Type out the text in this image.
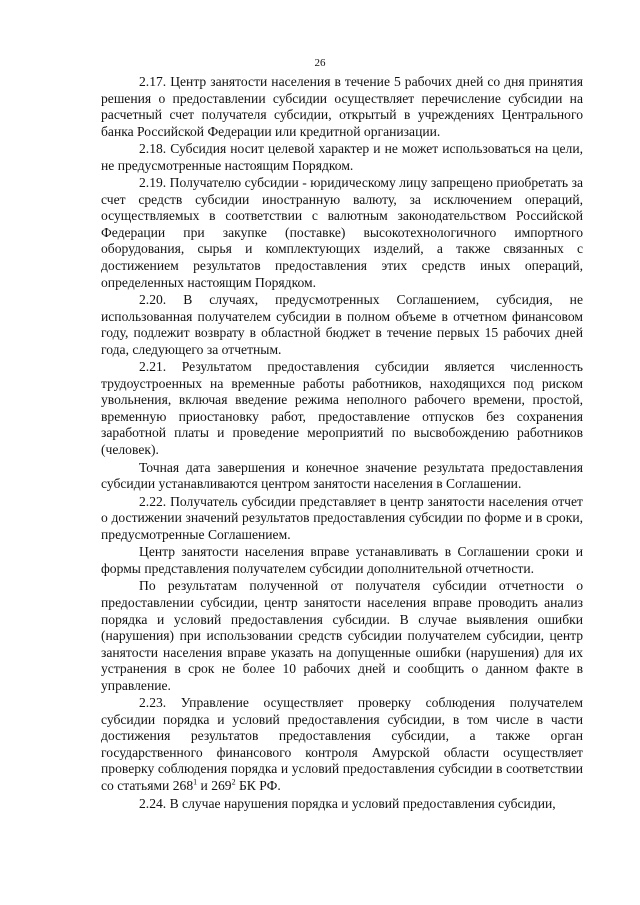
26

2.17. Центр занятости населения в течение 5 рабочих дней со дня принятия решения о предоставлении субсидии осуществляет перечисление субсидии на расчетный счет получателя субсидии, открытый в учреждениях Центрального банка Российской Федерации или кредитной организации.

2.18. Субсидия носит целевой характер и не может использоваться на цели, не предусмотренные настоящим Порядком.

2.19. Получателю субсидии - юридическому лицу запрещено приобретать за счет средств субсидии иностранную валюту, за исключением операций, осуществляемых в соответствии с валютным законодательством Российской Федерации при закупке (поставке) высокотехнологичного импортного оборудования, сырья и комплектующих изделий, а также связанных с достижением результатов предоставления этих средств иных операций, определенных настоящим Порядком.

2.20. В случаях, предусмотренных Соглашением, субсидия, не использованная получателем субсидии в полном объеме в отчетном финансовом году, подлежит возврату в областной бюджет в течение первых 15 рабочих дней года, следующего за отчетным.

2.21. Результатом предоставления субсидии является численность трудоустроенных на временные работы работников, находящихся под риском увольнения, включая введение режима неполного рабочего времени, простой, временную приостановку работ, предоставление отпусков без сохранения заработной платы и проведение мероприятий по высвобождению работников (человек).

Точная дата завершения и конечное значение результата предоставления субсидии устанавливаются центром занятости населения в Соглашении.

2.22. Получатель субсидии представляет в центр занятости населения отчет о достижении значений результатов предоставления субсидии по форме и в сроки, предусмотренные Соглашением.

Центр занятости населения вправе устанавливать в Соглашении сроки и формы представления получателем субсидии дополнительной отчетности.

По результатам полученной от получателя субсидии отчетности о предоставлении субсидии, центр занятости населения вправе проводить анализ порядка и условий предоставления субсидии. В случае выявления ошибки (нарушения) при использовании средств субсидии получателем субсидии, центр занятости населения вправе указать на допущенные ошибки (нарушения) для их устранения в срок не более 10 рабочих дней и сообщить о данном факте в управление.

2.23. Управление осуществляет проверку соблюдения получателем субсидии порядка и условий предоставления субсидии, в том числе в части достижения результатов предоставления субсидии, а также орган государственного финансового контроля Амурской области осуществляет проверку соблюдения порядка и условий предоставления субсидии в соответствии со статьями $268^1$ и $269^2$ БК РФ.

2.24. В случае нарушения порядка и условий предоставления субсидии,
